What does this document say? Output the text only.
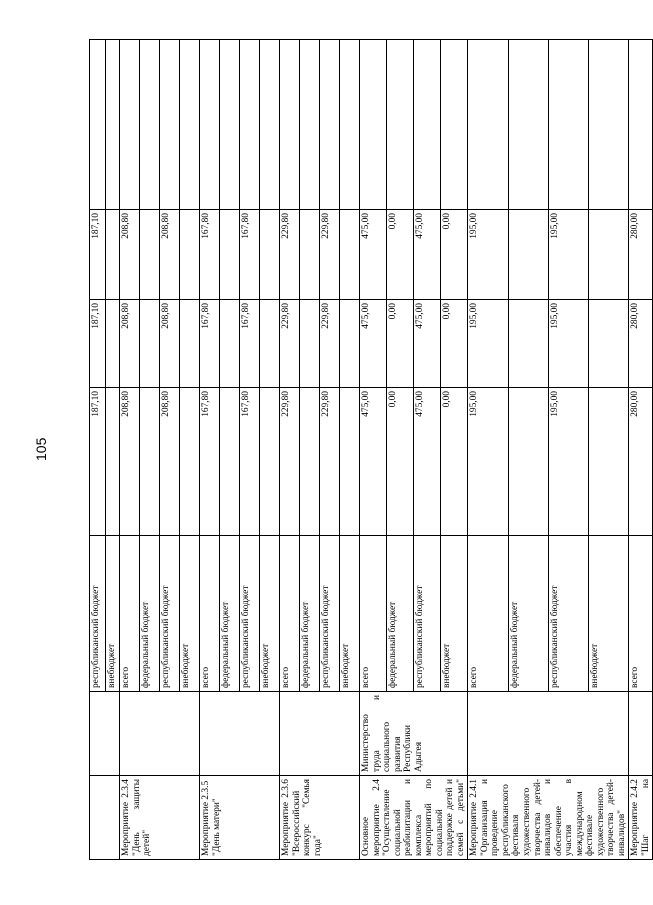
105
		республиканский бюджет	187,10	187,10	187,10	
		внебюджет				
Мероприятие 2.3.4 "День защиты детей"		всего	208,80	208,80	208,80	
		федеральный бюджет				
		республиканский бюджет	208,80	208,80	208,80	
		внебюджет				
Мероприятие 2.3.5 "День матери"		всего	167,80	167,80	167,80	
		федеральный бюджет				
		республиканский бюджет	167,80	167,80	167,80	
		внебюджет				
Мероприятие 2.3.6 "Всероссийский конкурс "Семья года"		всего	229,80	229,80	229,80	
		федеральный бюджет				
		республиканский бюджет	229,80	229,80	229,80	
		внебюджет				
Основное мероприятие 2.4 "Осуществление социальной реабилитации и комплекса мероприятий по социальной поддержке детей и семей с детьми"	Министерство труда и социального развития Республики Адыгея	всего	475,00	475,00	475,00	
		федеральный бюджет	0,00	0,00	0,00	
		республиканский бюджет	475,00	475,00	475,00	
		внебюджет	0,00	0,00	0,00	
Мероприятие 2.4.1 "Организация и проведение республиканского фестиваля художественного творчества детей-инвалидов и обеспечение участия в международном фестивале художественного творчества детей-инвалидов"		всего	195,00	195,00	195,00	
		федеральный бюджет				
		республиканский бюджет	195,00	195,00	195,00	
		внебюджет				
Мероприятие 2.4.2 "Шаг на		всего	280,00	280,00	280,00	
